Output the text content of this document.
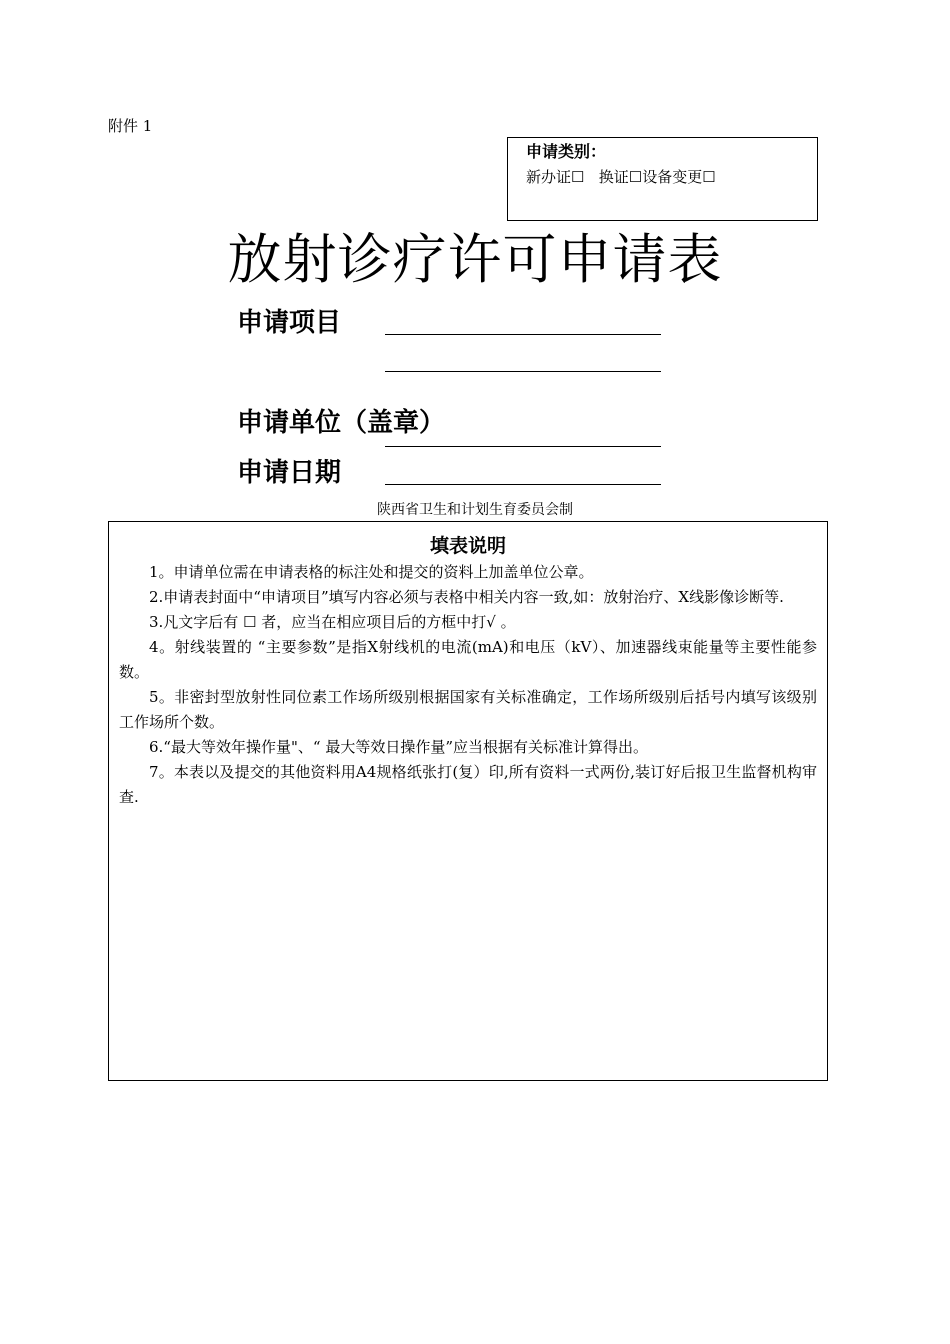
附件 1
申请类别：
新办证☐   换证☐设备变更☐
放射诊疗许可申请表
申请项目
申请单位（盖章）
申请日期
陕西省卫生和计划生育委员会制
填表说明

1。申请单位需在申请表格的标注处和提交的资料上加盖单位公章。

2.申请表封面中“申请项目”填写内容必须与表格中相关内容一致,如：放射治疗、X线影像诊断等.

3.凡文字后有 ☐ 者，应当在相应项目后的方框中打√ 。

4。射线装置的 “主要参数”是指X射线机的电流(mA)和电压（kV）、加速器线束能量等主要性能参数。

5。非密封型放射性同位素工作场所级别根据国家有关标准确定，工作场所级别后括号内填写该级别工作场所个数。

6.“最大等效年操作量"、“ 最大等效日操作量”应当根据有关标准计算得出。

7。本表以及提交的其他资料用A4规格纸张打(复）印,所有资料一式两份,装订好后报卫生监督机构审查.
